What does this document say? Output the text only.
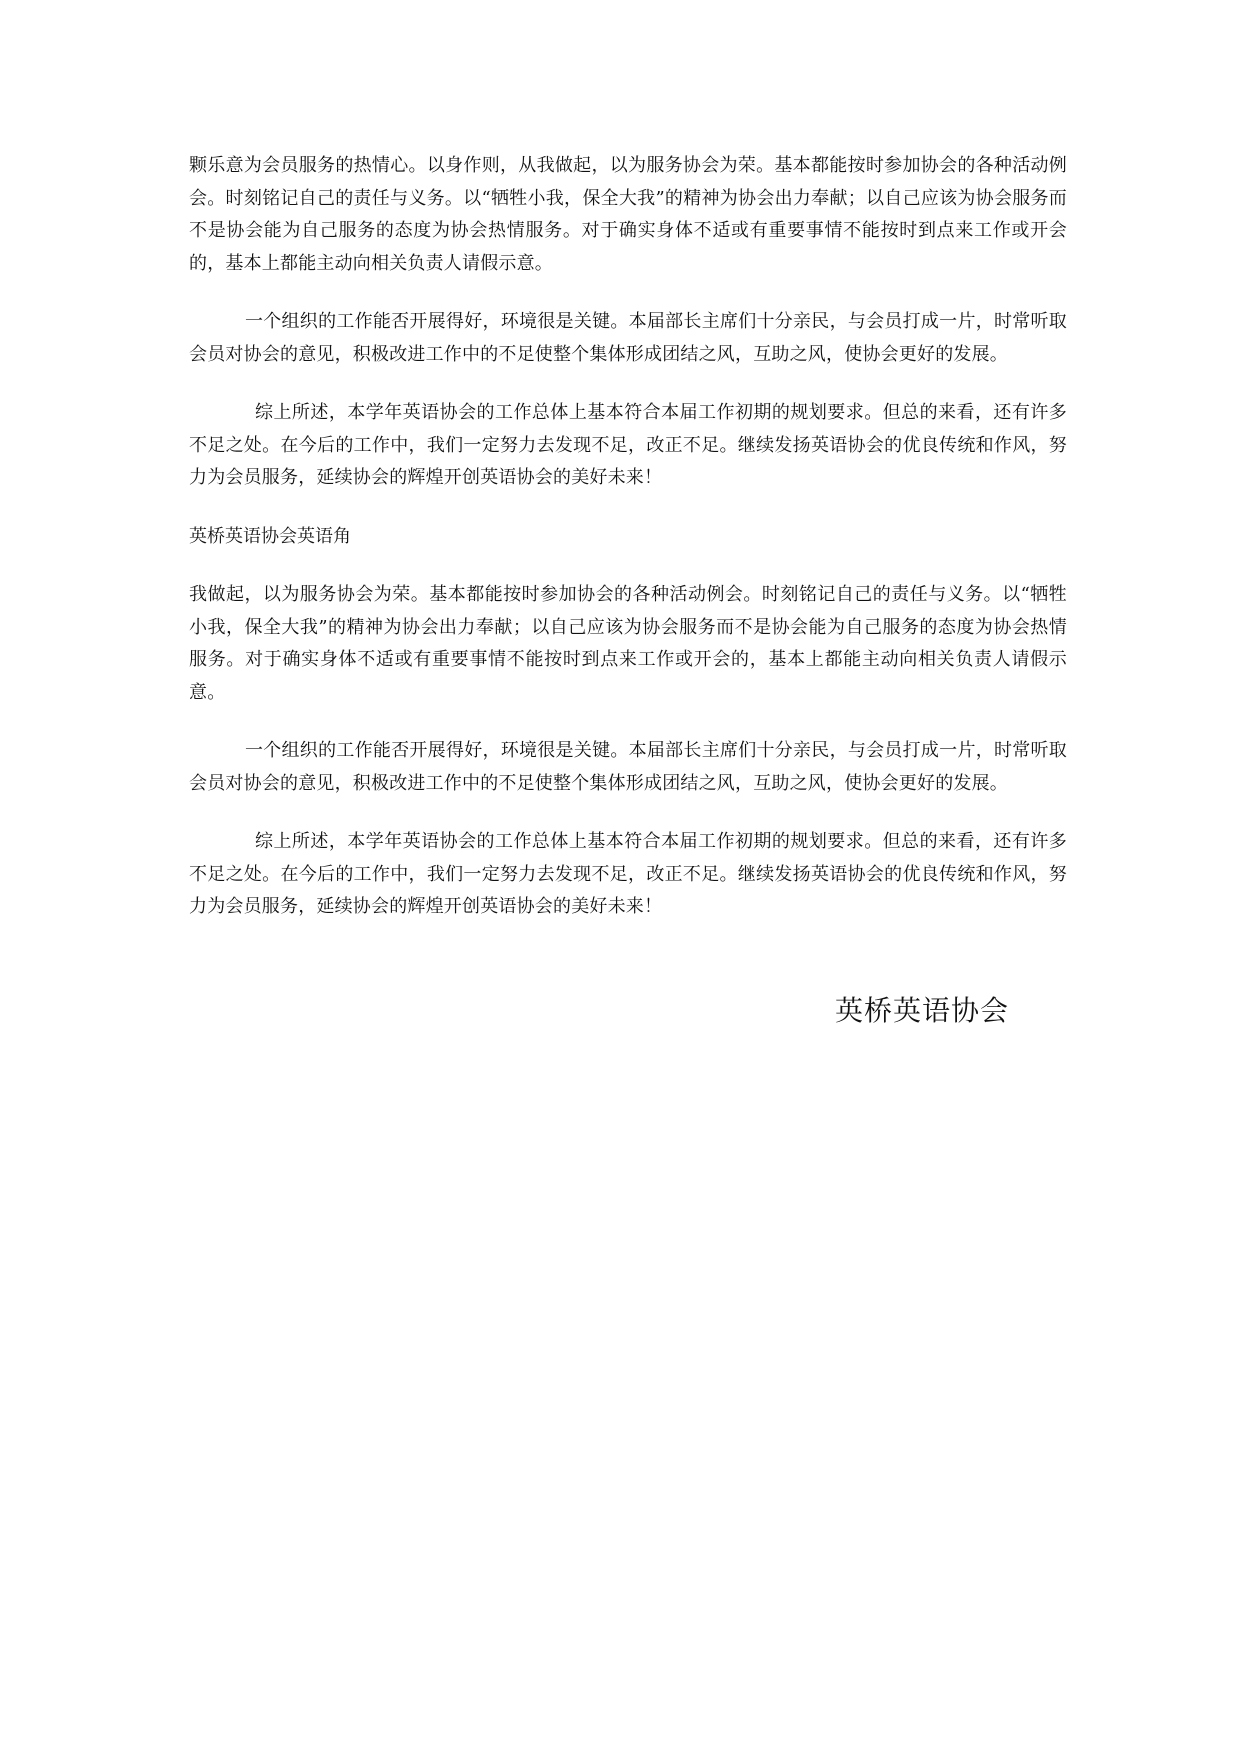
颗乐意为会员服务的热情心。以身作则，从我做起，以为服务协会为荣。基本都能按时参加协会的各种活动例会。时刻铭记自己的责任与义务。以“牺牲小我，保全大我”的精神为协会出力奉献；以自己应该为协会服务而不是协会能为自己服务的态度为协会热情服务。对于确实身体不适或有重要事情不能按时到点来工作或开会的，基本上都能主动向相关负责人请假示意。

一个组织的工作能否开展得好，环境很是关键。本届部长主席们十分亲民，与会员打成一片，时常听取会员对协会的意见，积极改进工作中的不足使整个集体形成团结之风，互助之风，使协会更好的发展。

综上所述，本学年英语协会的工作总体上基本符合本届工作初期的规划要求。但总的来看，还有许多不足之处。在今后的工作中，我们一定努力去发现不足，改正不足。继续发扬英语协会的优良传统和作风，努力为会员服务，延续协会的辉煌开创英语协会的美好未来！

英桥英语协会英语角

我做起，以为服务协会为荣。基本都能按时参加协会的各种活动例会。时刻铭记自己的责任与义务。以“牺牲小我，保全大我”的精神为协会出力奉献；以自己应该为协会服务而不是协会能为自己服务的态度为协会热情服务。对于确实身体不适或有重要事情不能按时到点来工作或开会的，基本上都能主动向相关负责人请假示意。

一个组织的工作能否开展得好，环境很是关键。本届部长主席们十分亲民，与会员打成一片，时常听取会员对协会的意见，积极改进工作中的不足使整个集体形成团结之风，互助之风，使协会更好的发展。

综上所述，本学年英语协会的工作总体上基本符合本届工作初期的规划要求。但总的来看，还有许多不足之处。在今后的工作中，我们一定努力去发现不足，改正不足。继续发扬英语协会的优良传统和作风，努力为会员服务，延续协会的辉煌开创英语协会的美好未来！

英桥英语协会
